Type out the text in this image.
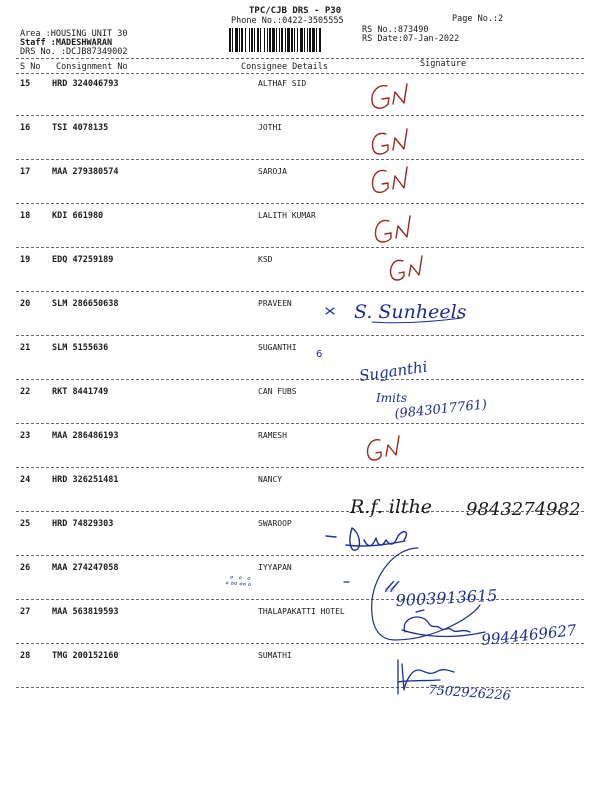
TPC/CJB DRS - P30
Phone No.:0422-3505555	Page No.:2
Area :HOUSING UNIT 30
Staff :MADESHWARAN
DRS No. :DCJB87349002
RS No.:873490
RS Date:07-Jan-2022
S No Consignment No	Consignee Details	Signature
15	HRD 324046793	ALTHAF SID
16	TSI 4078135	JOTHI
17	MAA 279380574	SAROJA
18	KDI 661980	LALITH KUMAR
19	EDQ 47259189	KSD
20	SLM 286650638	PRAVEEN
21	SLM 5155636	SUGANTHI
22	RKT 8441749	CAN FUBS
23	MAA 286486193	RAMESH
24	HRD 326251481	NANCY
25	HRD 74829303	SWAROOP
26	MAA 274247058	IYYAPAN
27	MAA 563819593	THALAPAKATTI HOTEL
28	TMG 200152160	SUMATHI
S. Sunheels
6
Suganthi
Imits
(9843017761)
R.f. ilthe 9843274982
ஃஃஃ	𝓁𝓁 9003913615
9944469627
7502926226
